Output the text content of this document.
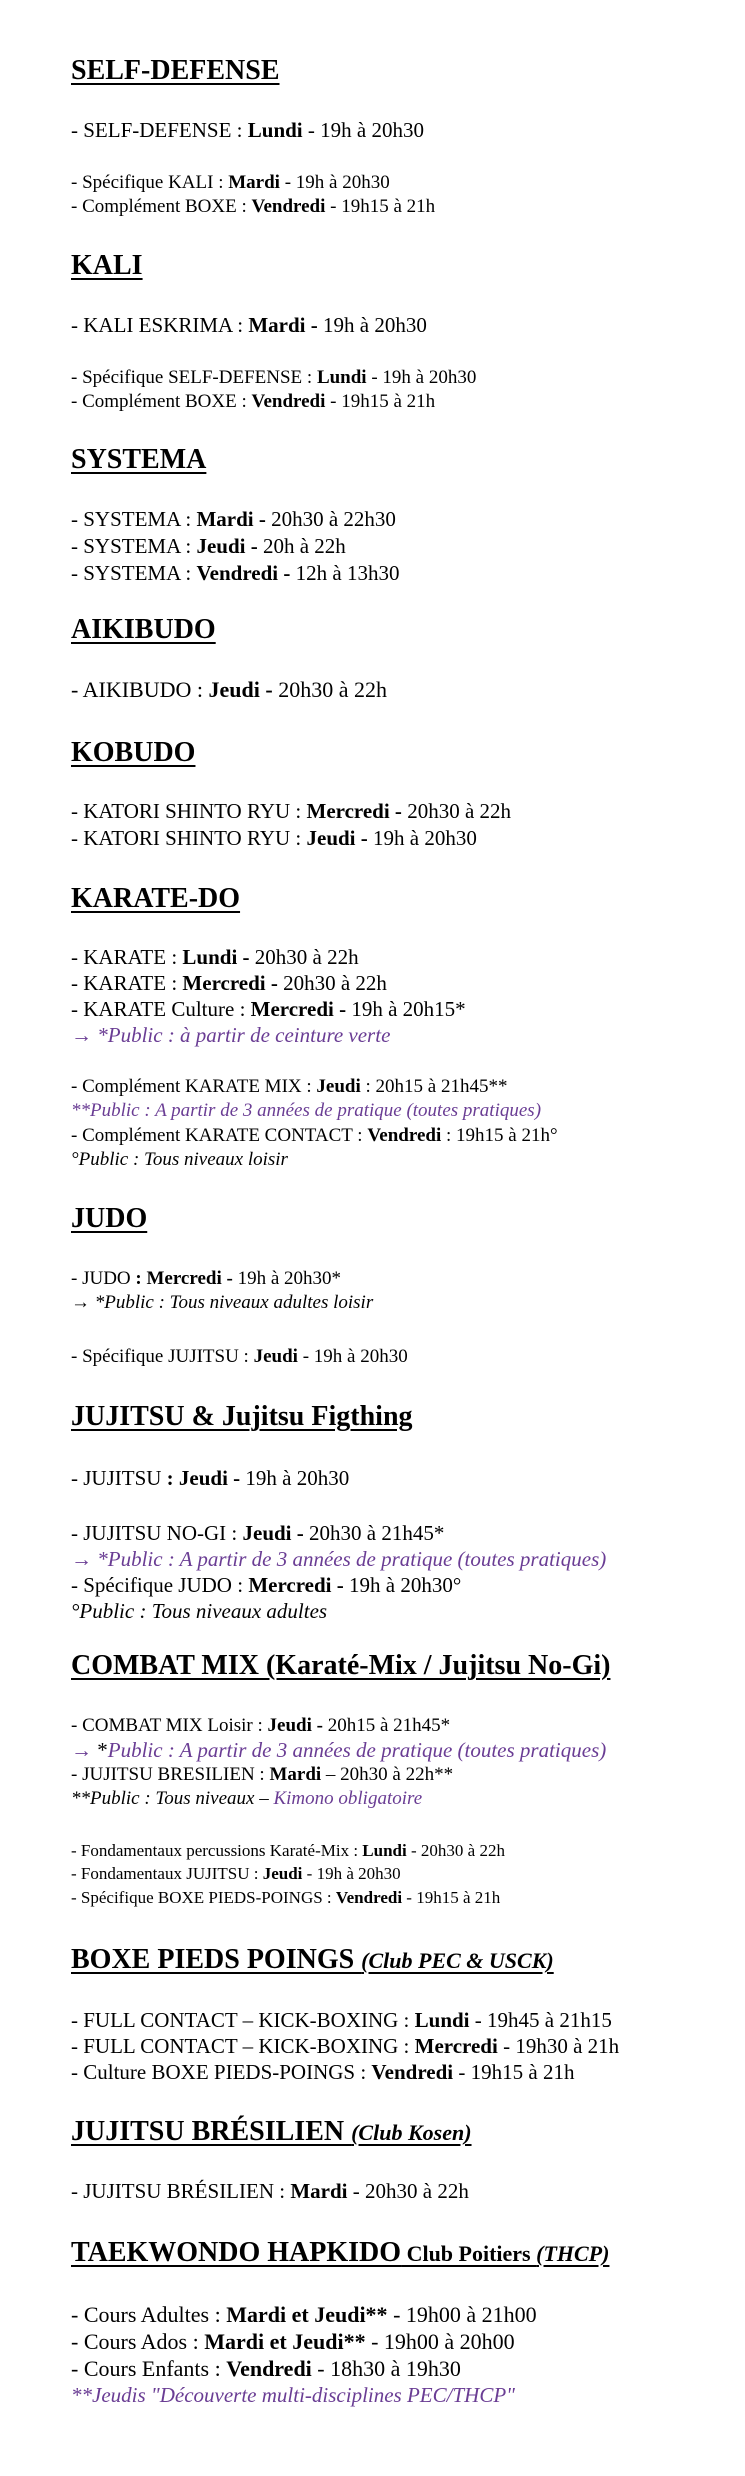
SELF-DEFENSE
- SELF-DEFENSE : Lundi - 19h à 20h30
- Spécifique KALI : Mardi - 19h à 20h30
- Complément BOXE : Vendredi - 19h15 à 21h
KALI
- KALI ESKRIMA : Mardi - 19h à 20h30
- Spécifique SELF-DEFENSE : Lundi - 19h à 20h30
- Complément BOXE : Vendredi - 19h15 à 21h
SYSTEMA
- SYSTEMA : Mardi - 20h30 à 22h30
- SYSTEMA : Jeudi - 20h à 22h
- SYSTEMA : Vendredi - 12h à 13h30
AIKIBUDO
- AIKIBUDO : Jeudi - 20h30 à 22h
KOBUDO
- KATORI SHINTO RYU : Mercredi - 20h30 à 22h
- KATORI SHINTO RYU : Jeudi - 19h à 20h30
KARATE-DO
- KARATE : Lundi - 20h30 à 22h
- KARATE : Mercredi - 20h30 à 22h
- KARATE Culture : Mercredi - 19h à 20h15*
→ *Public : à partir de ceinture verte
- Complément KARATE MIX : Jeudi : 20h15 à 21h45**
**Public : A partir de 3 années de pratique (toutes pratiques)
- Complément KARATE CONTACT : Vendredi : 19h15 à 21h°
°Public : Tous niveaux loisir
JUDO
- JUDO : Mercredi - 19h à 20h30*
→ *Public : Tous niveaux adultes loisir
- Spécifique JUJITSU : Jeudi - 19h à 20h30
JUJITSU & Jujitsu Figthing
- JUJITSU : Jeudi - 19h à 20h30
- JUJITSU NO-GI : Jeudi - 20h30 à 21h45*
→ *Public : A partir de 3 années de pratique (toutes pratiques)
- Spécifique JUDO : Mercredi - 19h à 20h30°
°Public : Tous niveaux adultes
COMBAT MIX (Karaté-Mix / Jujitsu No-Gi)
- COMBAT MIX Loisir : Jeudi - 20h15 à 21h45*
→ *Public : A partir de 3 années de pratique (toutes pratiques)
- JUJITSU BRESILIEN : Mardi – 20h30 à 22h**
**Public : Tous niveaux – Kimono obligatoire
- Fondamentaux percussions Karaté-Mix : Lundi - 20h30 à 22h
- Fondamentaux JUJITSU : Jeudi - 19h à 20h30
- Spécifique BOXE PIEDS-POINGS : Vendredi - 19h15 à 21h
BOXE PIEDS POINGS (Club PEC & USCK)
- FULL CONTACT – KICK-BOXING : Lundi - 19h45 à 21h15
- FULL CONTACT – KICK-BOXING : Mercredi - 19h30 à 21h
- Culture BOXE PIEDS-POINGS : Vendredi - 19h15 à 21h
JUJITSU BRÉSILIEN (Club Kosen)
- JUJITSU BRÉSILIEN : Mardi - 20h30 à 22h
TAEKWONDO HAPKIDO Club Poitiers (THCP)
- Cours Adultes : Mardi et Jeudi** - 19h00 à 21h00
- Cours Ados : Mardi et Jeudi** - 19h00 à 20h00
- Cours Enfants : Vendredi - 18h30 à 19h30
**Jeudis "Découverte multi-disciplines PEC/THCP"
